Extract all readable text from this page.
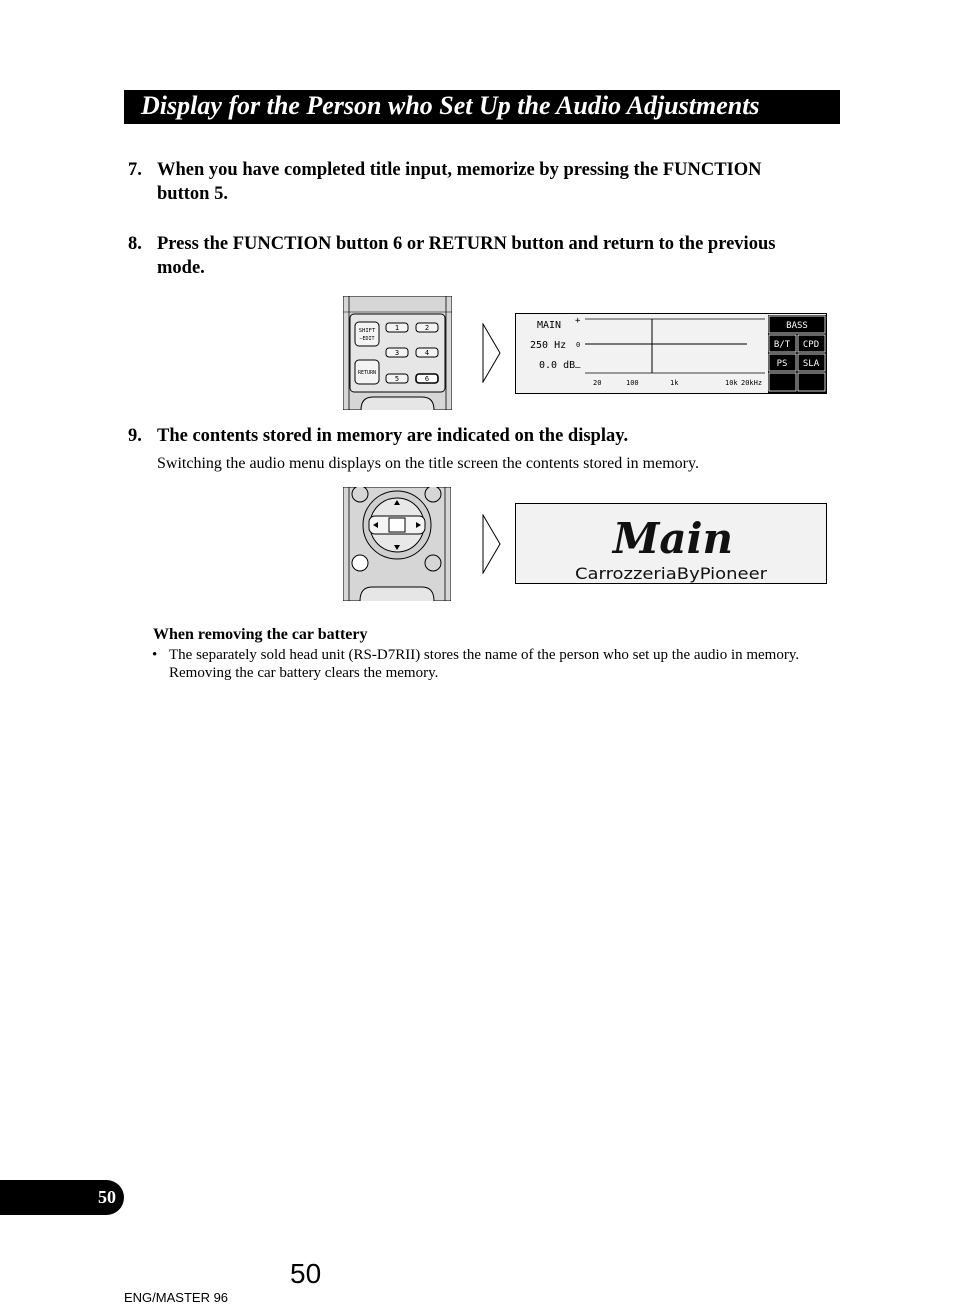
Display for the Person who Set Up the Audio Adjustments
7. When you have completed title input, memorize by pressing the FUNCTION button 5.
8. Press the FUNCTION button 6 or RETURN button and return to the previous mode.
SHIFT
—EDIT
RETURN
1	2
3	4
5	6
MAIN
250 Hz
0.0 dB
+
0
–
20	100	1k	10k 20kHz
BASS
B/T CPD
PS SLA
9. The contents stored in memory are indicated on the display.
Switching the audio menu displays on the title screen the contents stored in memory.
Main
CarrozzeriaByPioneer
When removing the car battery
• The separately sold head unit (RS-D7RII) stores the name of the person who set up the audio in memory. Removing the car battery clears the memory.
50
50
ENG/MASTER 96
